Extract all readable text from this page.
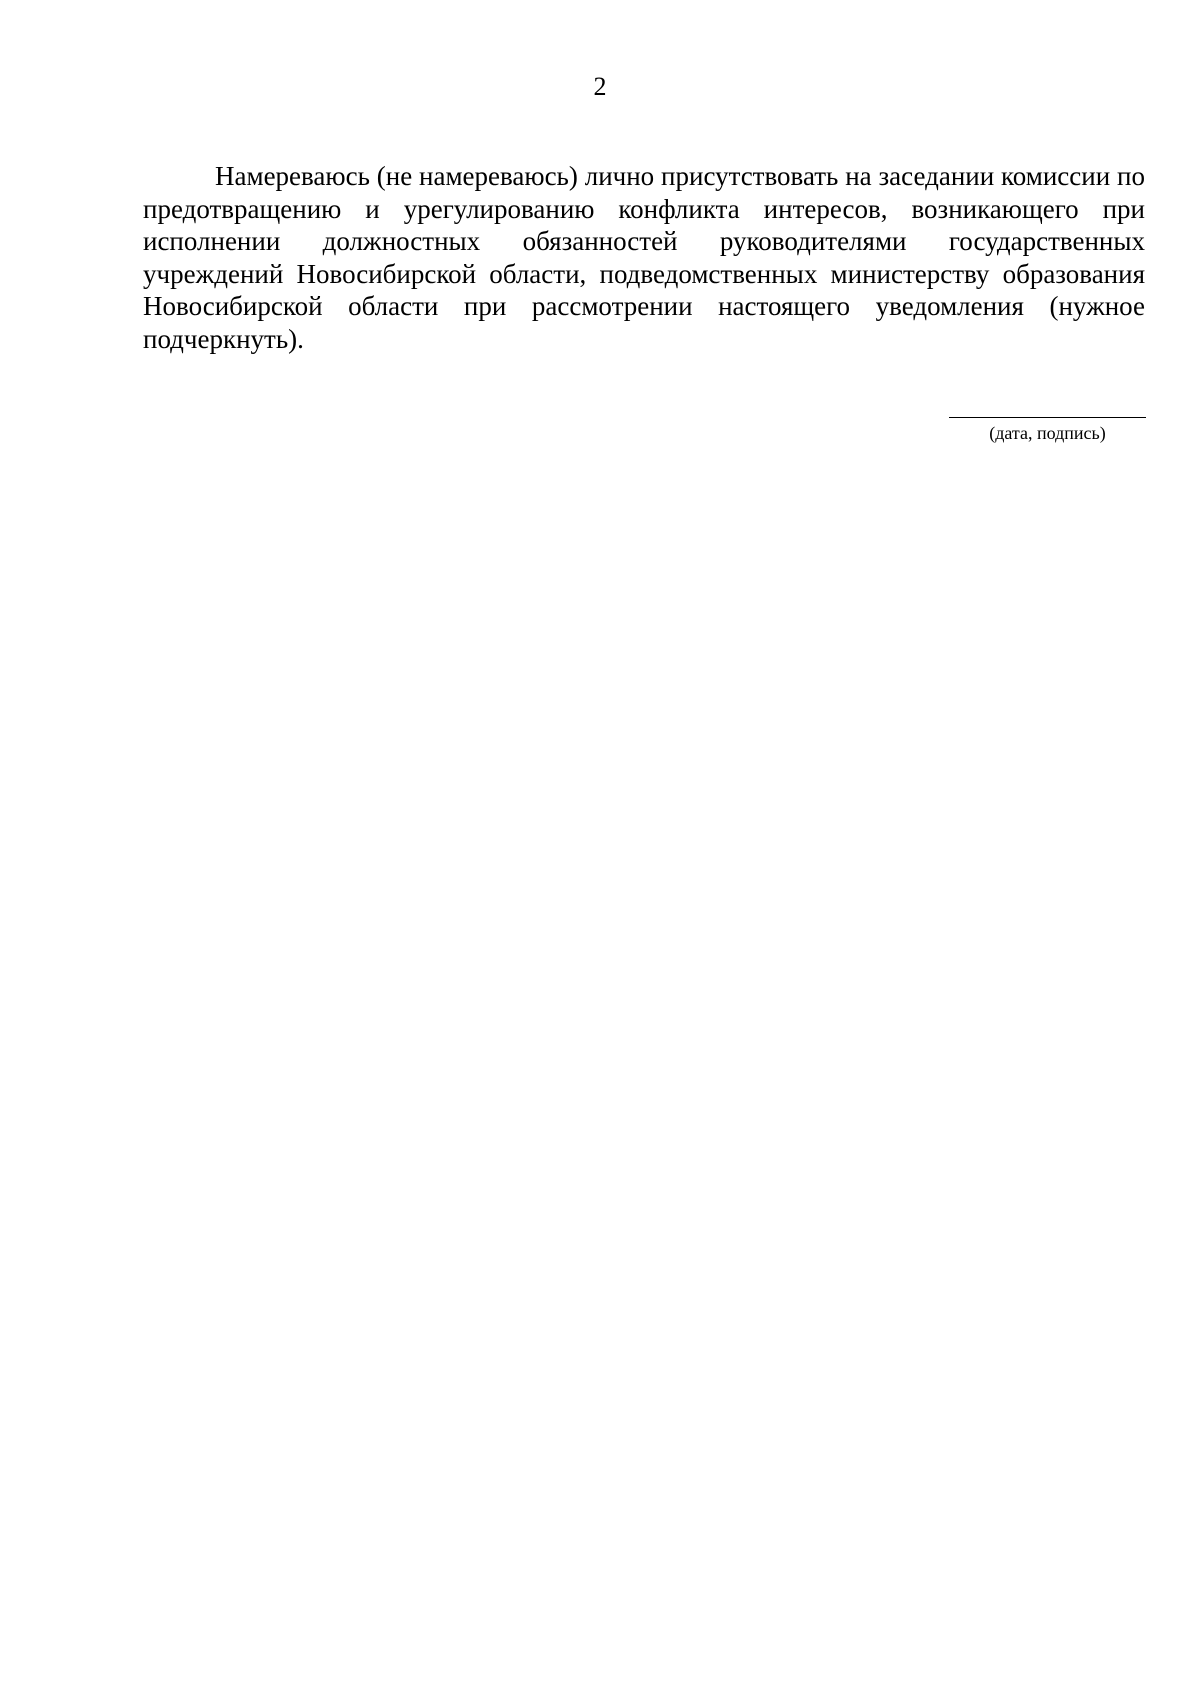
2

Намереваюсь (не намереваюсь) лично присутствовать на заседании комиссии по предотвращению и урегулированию конфликта интересов, возникающего при исполнении должностных обязанностей руководителями государственных учреждений Новосибирской области, подведомственных министерству образования Новосибирской области при рассмотрении настоящего уведомления (нужное подчеркнуть).

(дата, подпись)
